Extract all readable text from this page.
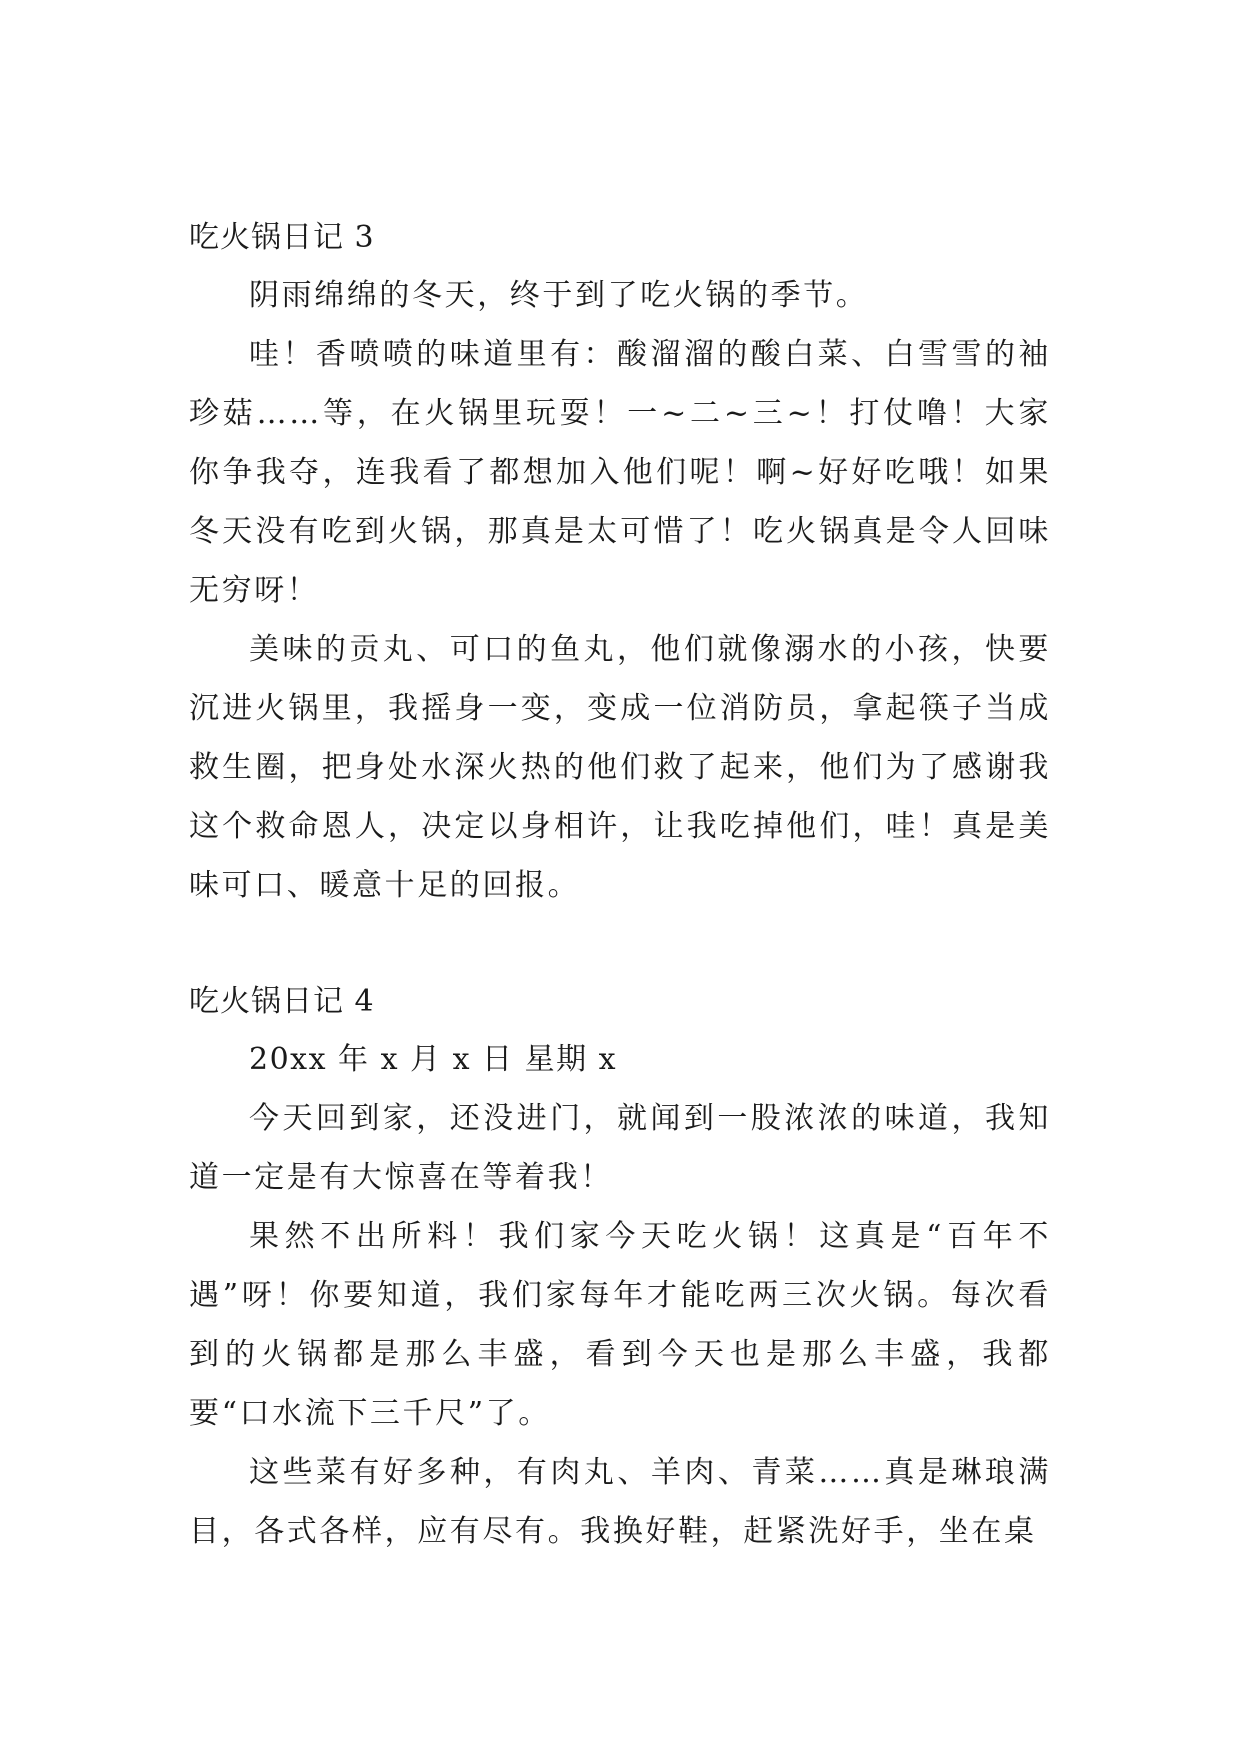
吃火锅日记 3

阴雨绵绵的冬天，终于到了吃火锅的季节。

哇！香喷喷的味道里有：酸溜溜的酸白菜、白雪雪的袖珍菇……等，在火锅里玩耍！一~二~三~！打仗噜！大家你争我夺，连我看了都想加入他们呢！啊~好好吃哦！如果冬天没有吃到火锅，那真是太可惜了！吃火锅真是令人回味无穷呀！

美味的贡丸、可口的鱼丸，他们就像溺水的小孩，快要沉进火锅里，我摇身一变，变成一位消防员，拿起筷子当成救生圈，把身处水深火热的他们救了起来，他们为了感谢我这个救命恩人，决定以身相许，让我吃掉他们，哇！真是美味可口、暖意十足的回报。

吃火锅日记 4

20xx 年 x 月 x 日 星期 x

今天回到家，还没进门，就闻到一股浓浓的味道，我知道一定是有大惊喜在等着我！

果然不出所料！我们家今天吃火锅！这真是“百年不遇”呀！你要知道，我们家每年才能吃两三次火锅。每次看到的火锅都是那么丰盛，看到今天也是那么丰盛，我都要“口水流下三千尺”了。

这些菜有好多种，有肉丸、羊肉、青菜……真是琳琅满目，各式各样，应有尽有。我换好鞋，赶紧洗好手，坐在桌
